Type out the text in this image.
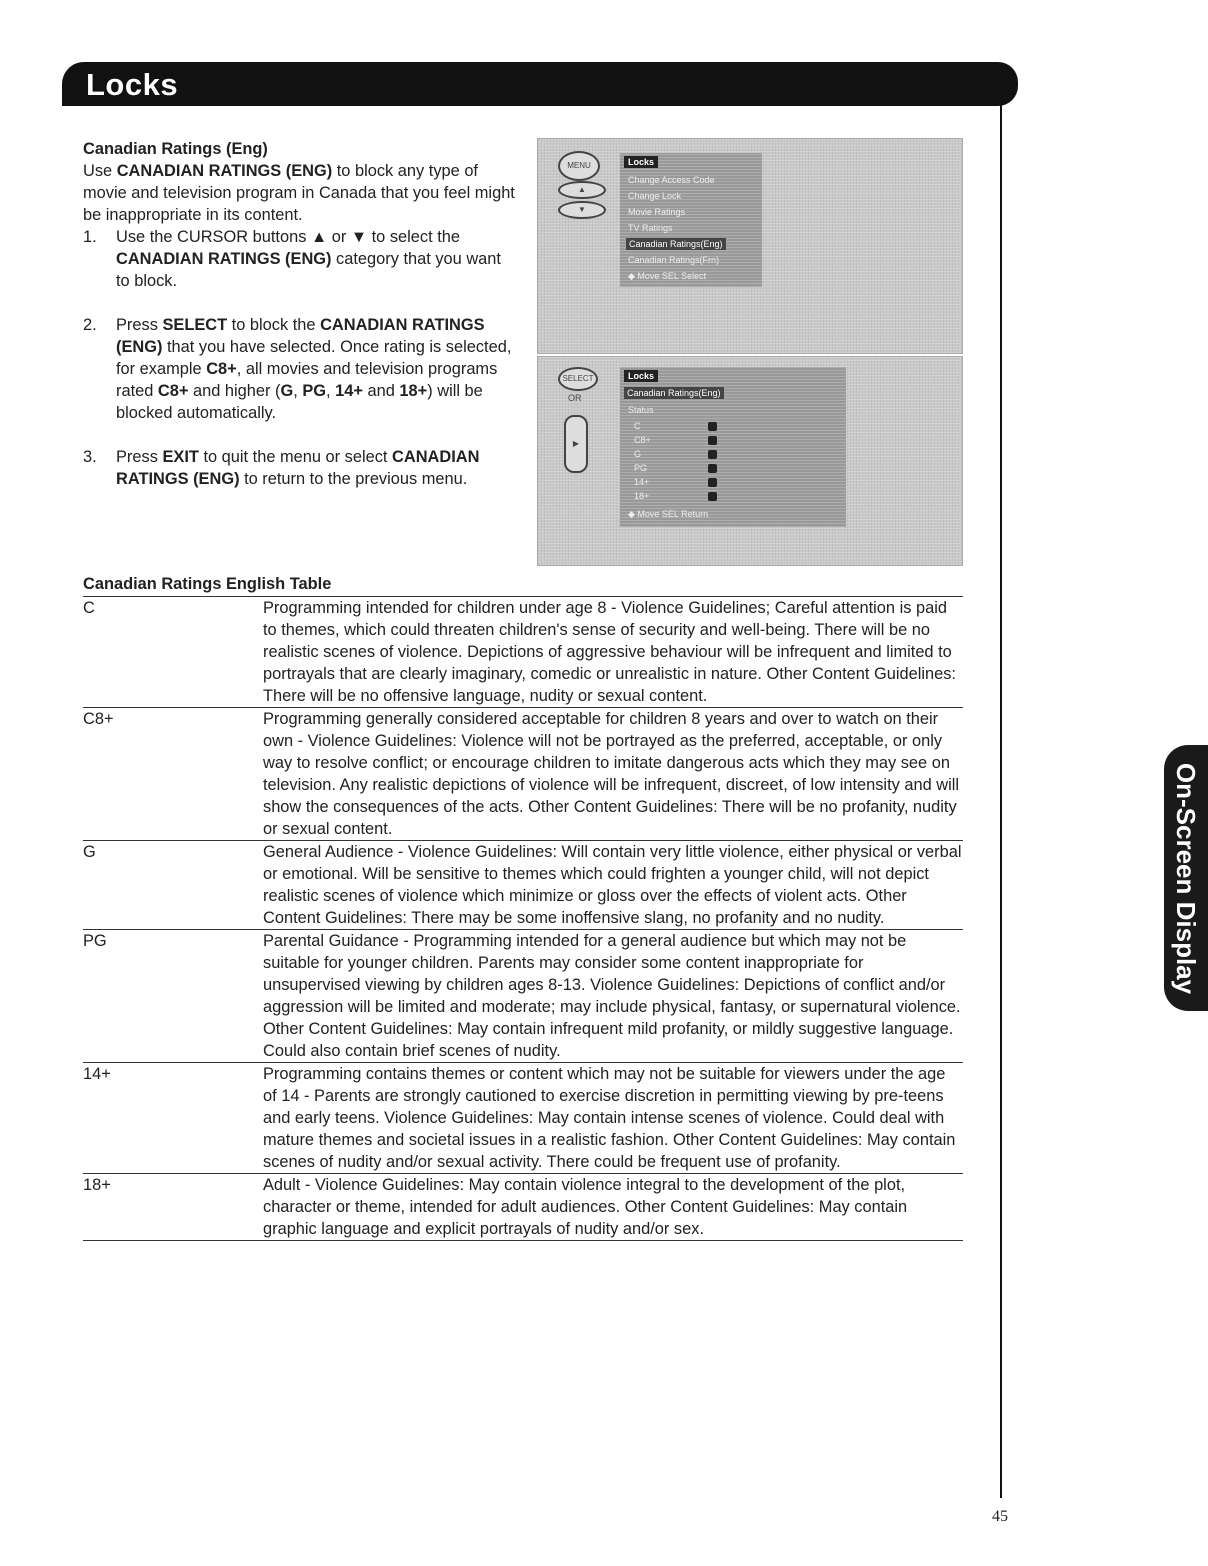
Locks
On-Screen Display
Canadian Ratings (Eng)

Use CANADIAN RATINGS (ENG) to block any type of movie and television program in Canada that you feel might be inappropriate in its content.

1. Use the CURSOR buttons ▲ or ▼ to select the CANADIAN RATINGS (ENG) category that you want to block.

2. Press SELECT to block the CANADIAN RATINGS (ENG) that you have selected. Once rating is selected, for example C8+, all movies and television programs rated C8+ and higher (G, PG, 14+ and 18+) will be blocked automatically.

3. Press EXIT to quit the menu or select CANADIAN RATINGS (ENG) to return to the previous menu.

MENU
▲
▼
Locks
Change Access Code
Change Lock
Movie Ratings
TV Ratings
Canadian Ratings(Eng)
Canadian Ratings(Frn)
◆ Move SEL Select
SELECT
OR
▶
Locks
Canadian Ratings(Eng)
Status
C
C8+
G
PG
14+
18+
◆ Move SEL Return
Canadian Ratings English Table
C	Programming intended for children under age 8 - Violence Guidelines; Careful attention is paid to themes, which could threaten children's sense of security and well-being. There will be no realistic scenes of violence. Depictions of aggressive behaviour will be infrequent and limited to portrayals that are clearly imaginary, comedic or unrealistic in nature. Other Content Guidelines: There will be no offensive language, nudity or sexual content.
C8+	Programming generally considered acceptable for children 8 years and over to watch on their own - Violence Guidelines: Violence will not be portrayed as the preferred, acceptable, or only way to resolve conflict; or encourage children to imitate dangerous acts which they may see on television. Any realistic depictions of violence will be infrequent, discreet, of low intensity and will show the consequences of the acts. Other Content Guidelines: There will be no profanity, nudity or sexual content.
G	General Audience - Violence Guidelines: Will contain very little violence, either physical or verbal or emotional. Will be sensitive to themes which could frighten a younger child, will not depict realistic scenes of violence which minimize or gloss over the effects of violent acts. Other Content Guidelines: There may be some inoffensive slang, no profanity and no nudity.
PG	Parental Guidance - Programming intended for a general audience but which may not be suitable for younger children. Parents may consider some content inappropriate for unsupervised viewing by children ages 8-13. Violence Guidelines: Depictions of conflict and/or aggression will be limited and moderate; may include physical, fantasy, or supernatural violence. Other Content Guidelines: May contain infrequent mild profanity, or mildly suggestive language. Could also contain brief scenes of nudity.
14+	Programming contains themes or content which may not be suitable for viewers under the age of 14 - Parents are strongly cautioned to exercise discretion in permitting viewing by pre-teens and early teens. Violence Guidelines: May contain intense scenes of violence. Could deal with mature themes and societal issues in a realistic fashion. Other Content Guidelines: May contain scenes of nudity and/or sexual activity. There could be frequent use of profanity.
18+	Adult - Violence Guidelines: May contain violence integral to the development of the plot, character or theme, intended for adult audiences. Other Content Guidelines: May contain graphic language and explicit portrayals of nudity and/or sex.
45
